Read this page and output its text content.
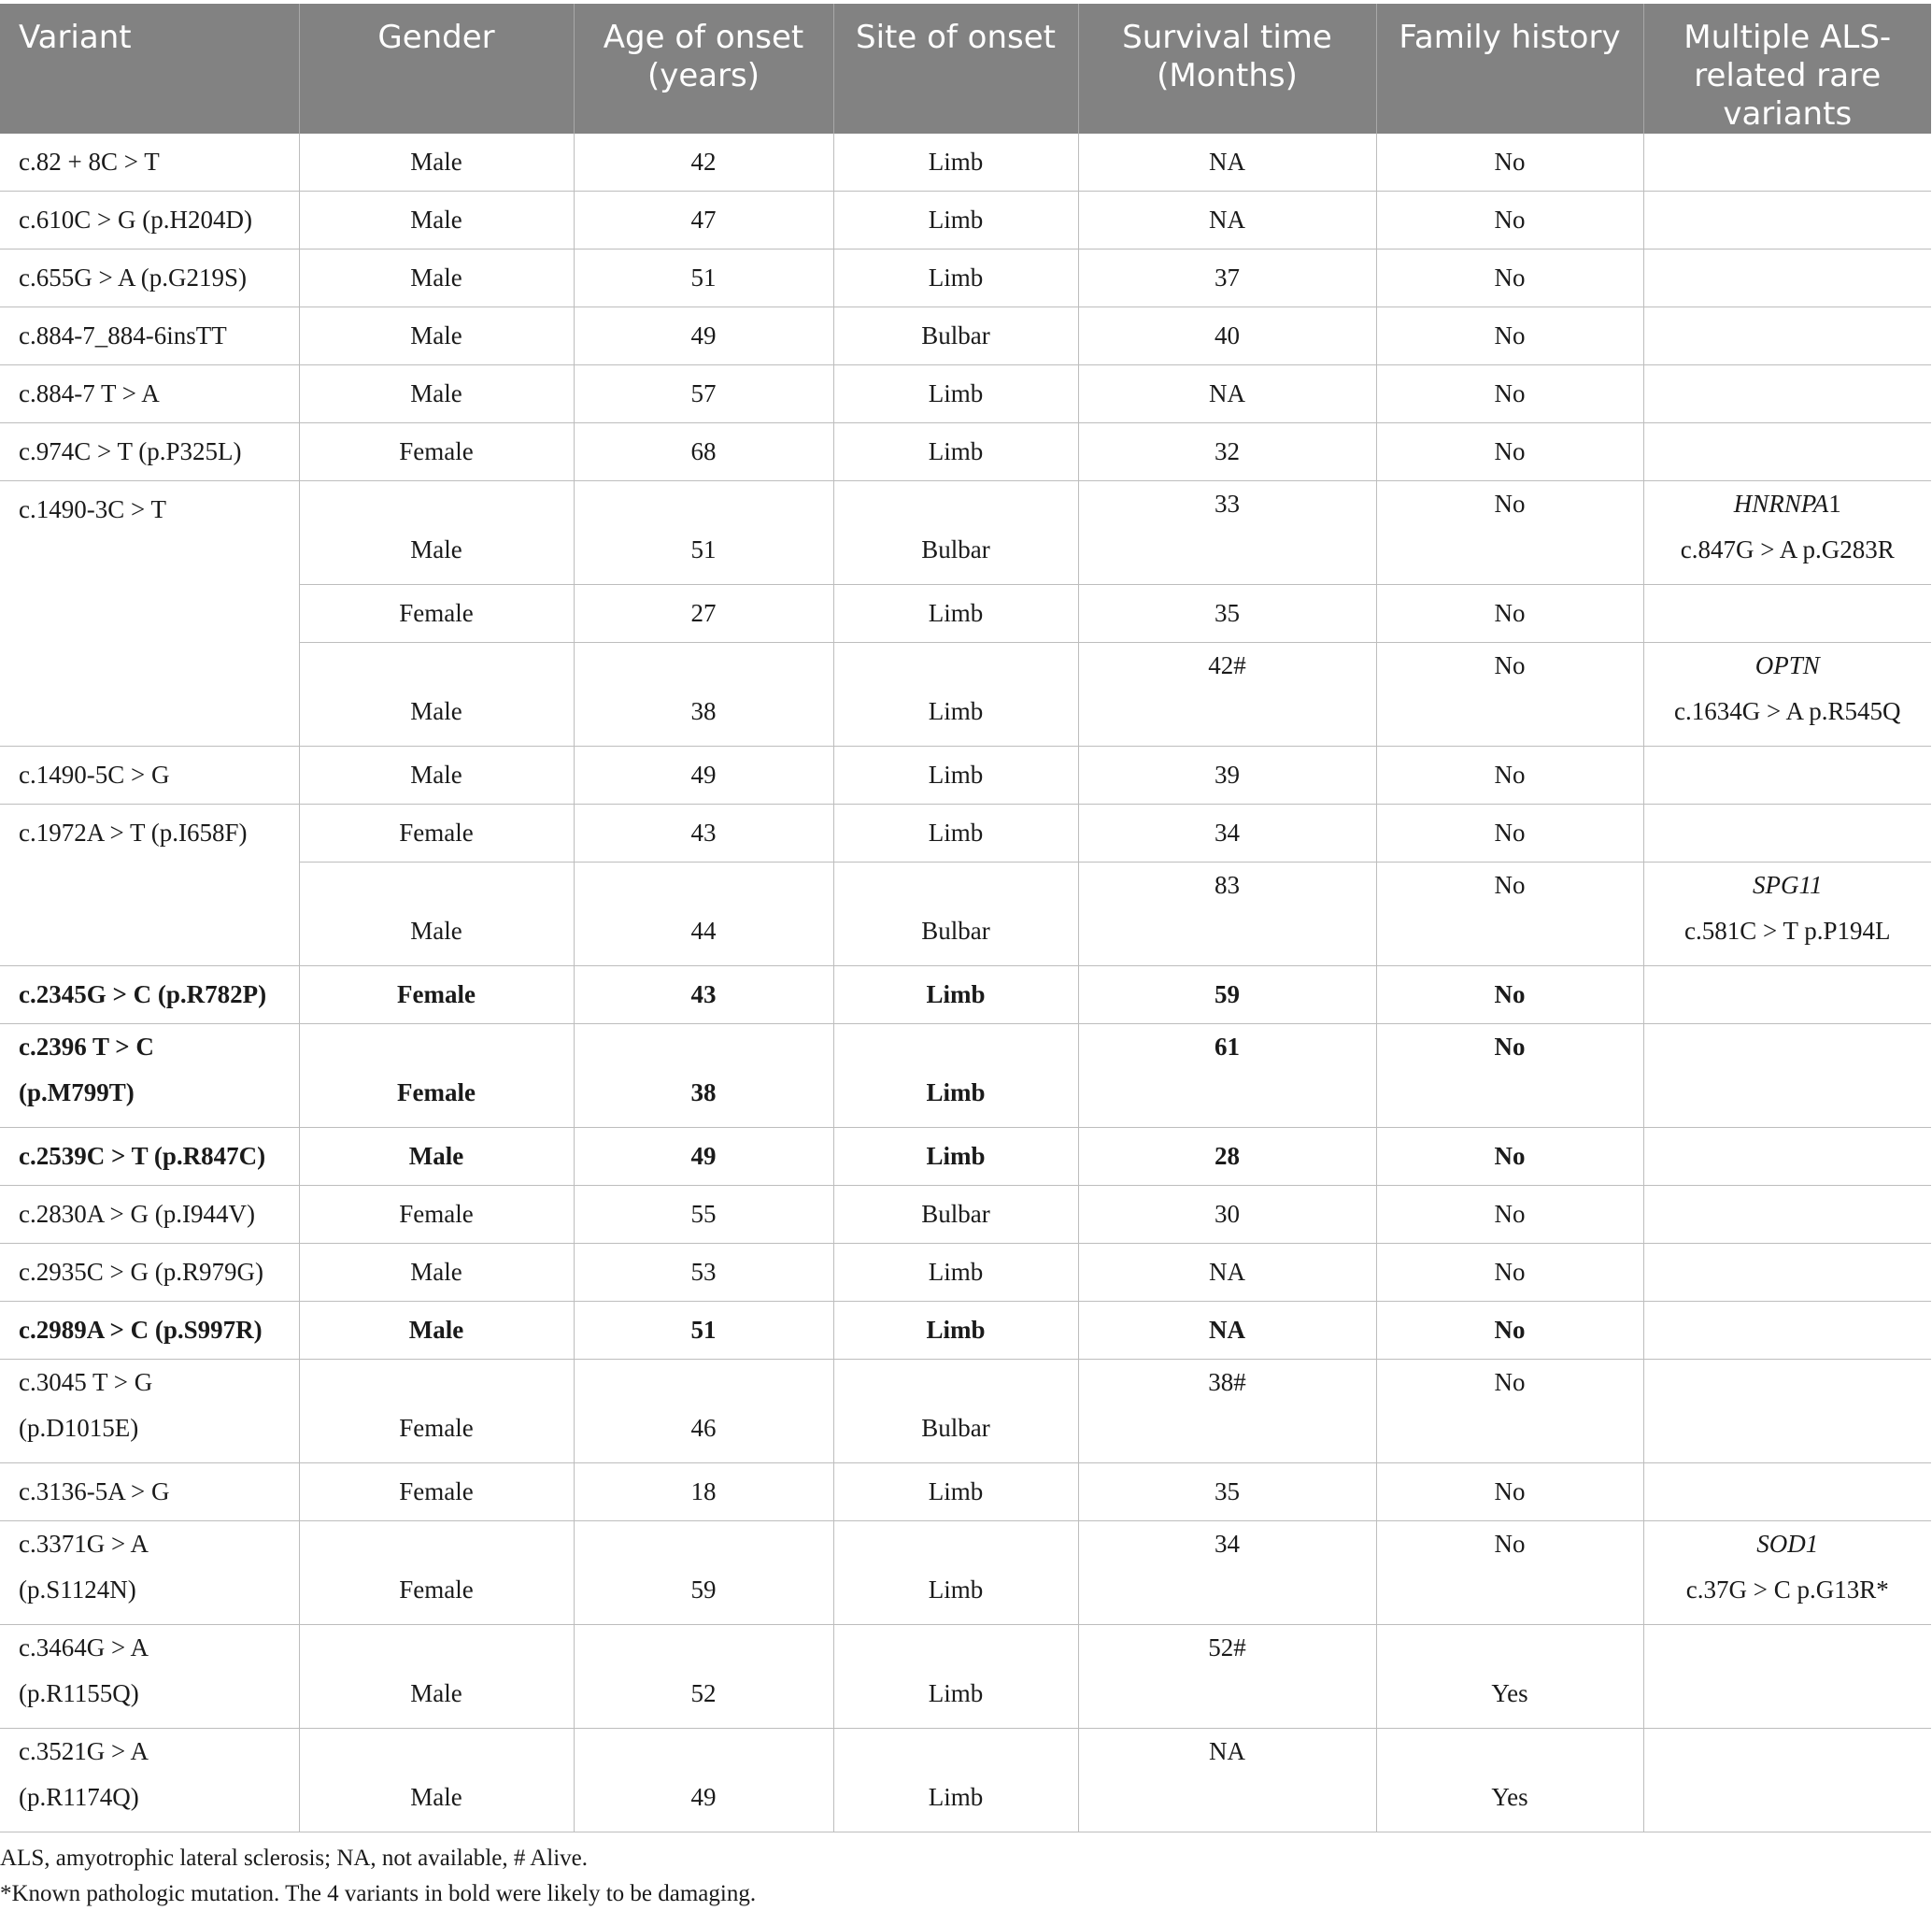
Variant	Gender	Age of onset (years)	Site of onset	Survival time (Months)	Family history	Multiple ALS-related rare variants

c.82 + 8C > T	Male	42	Limb	NA	No	

c.610C > G (p.H204D)	Male	47	Limb	NA	No	

c.655G > A (p.G219S)	Male	51	Limb	37	No	

c.884-7_884-6insTT	Male	49	Bulbar	40	No	

c.884-7 T > A	Male	57	Limb	NA	No	

c.974C > T (p.P325L)	Female	68	Limb	32	No	

c.1490-3C > T	Male	51	Bulbar	33	No	HNRNPA1
c.847G > A p.G283R

	Female	27	Limb	35	No	

	Male	38	Limb	42#	No	OPTN
c.1634G > A p.R545Q

c.1490-5C > G	Male	49	Limb	39	No	

c.1972A > T (p.I658F)	Female	43	Limb	34	No	

	Male	44	Bulbar	83	No	SPG11
c.581C > T p.P194L

c.2345G > C (p.R782P)	Female	43	Limb	59	No	

c.2396 T > C
(p.M799T)	Female	38	Limb	61	No	

c.2539C > T (p.R847C)	Male	49	Limb	28	No	

c.2830A > G (p.I944V)	Female	55	Bulbar	30	No	

c.2935C > G (p.R979G)	Male	53	Limb	NA	No	

c.2989A > C (p.S997R)	Male	51	Limb	NA	No	

c.3045 T > G
(p.D1015E)	Female	46	Bulbar	38#	No	

c.3136-5A > G	Female	18	Limb	35	No	

c.3371G > A
(p.S1124N)	Female	59	Limb	34	No	SOD1
c.37G > C p.G13R*

c.3464G > A
(p.R1155Q)	Male	52	Limb	52#	Yes	

c.3521G > A
(p.R1174Q)	Male	49	Limb	NA	Yes	

ALS, amyotrophic lateral sclerosis; NA, not available, # Alive.
*Known pathologic mutation. The 4 variants in bold were likely to be damaging.
